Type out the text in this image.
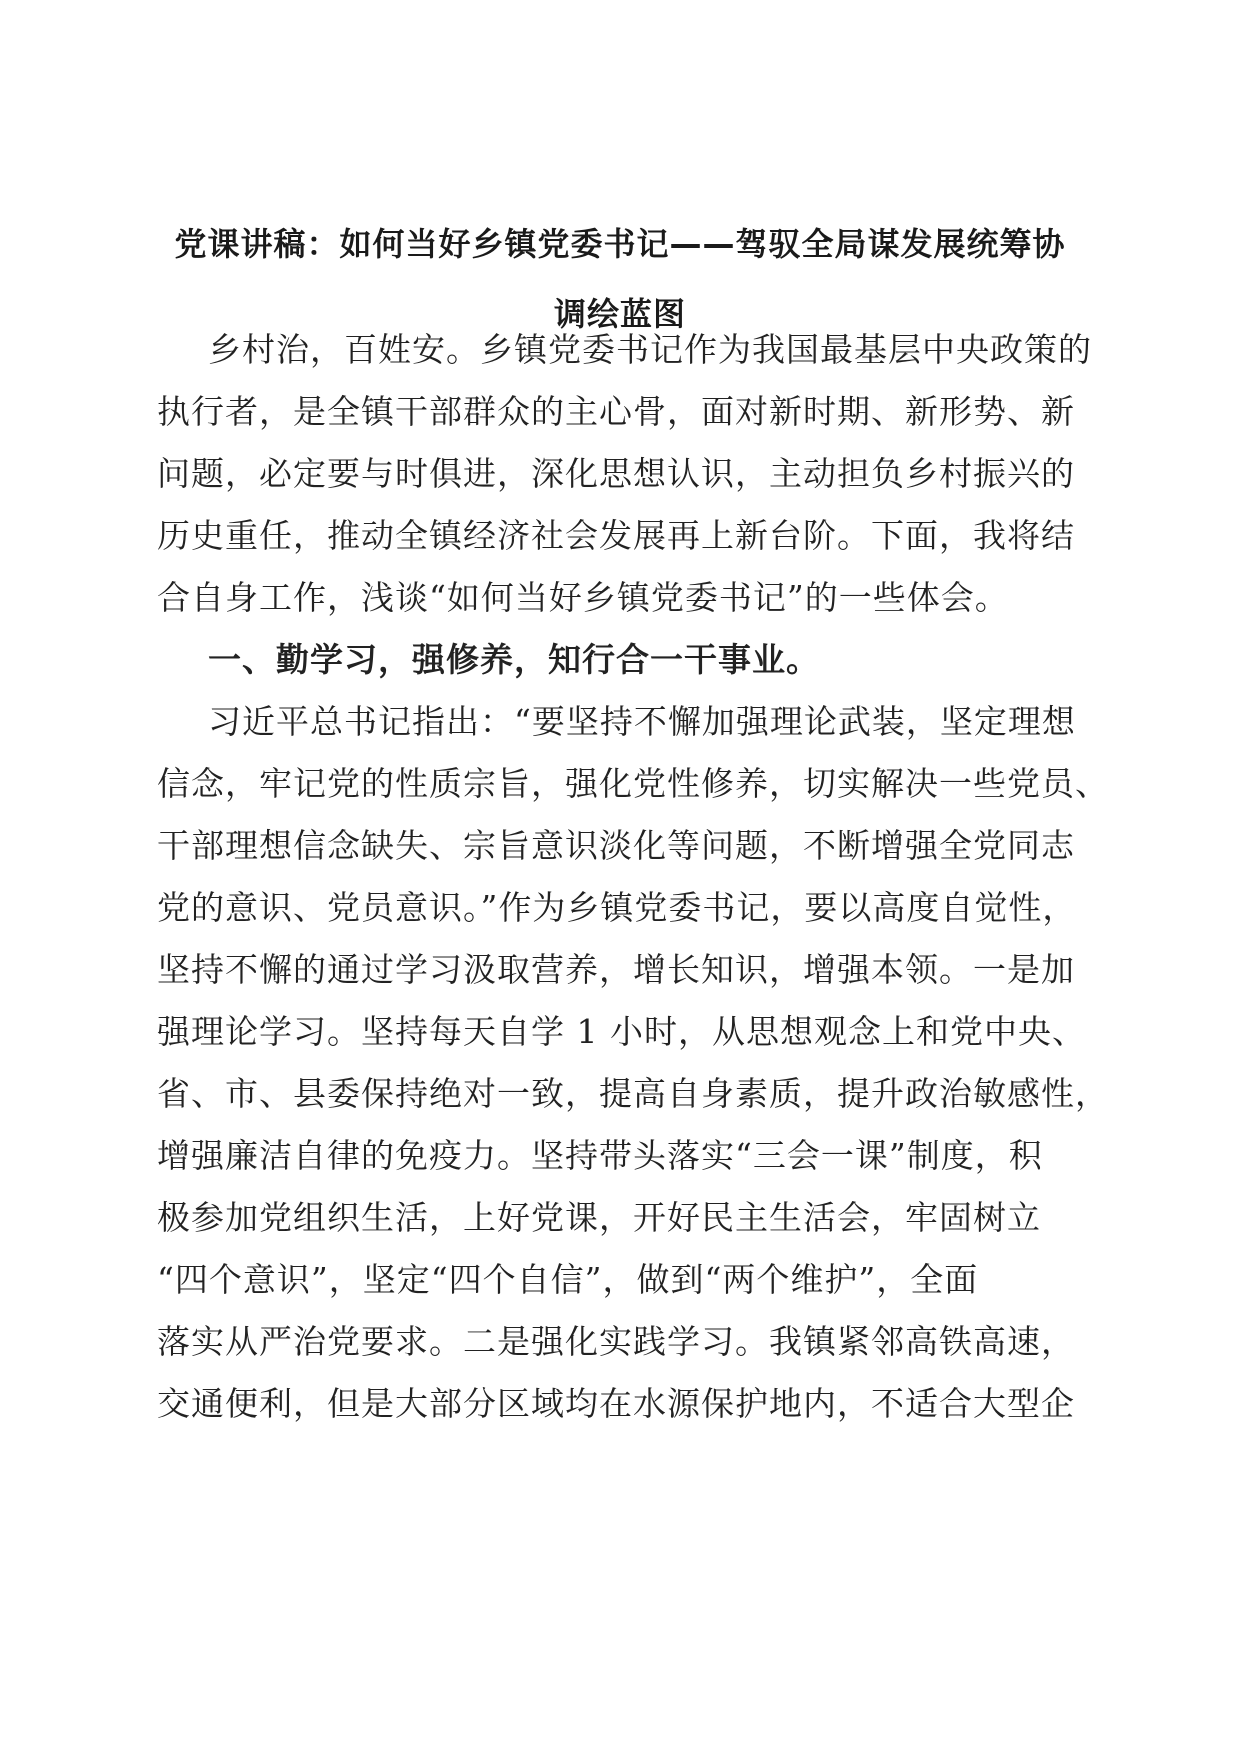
党课讲稿：如何当好乡镇党委书记——驾驭全局谋发展统筹协
调绘蓝图
乡村治，百姓安。乡镇党委书记作为我国最基层中央政策的
执行者，是全镇干部群众的主心骨，面对新时期、新形势、新
问题，必定要与时俱进，深化思想认识，主动担负乡村振兴的
历史重任，推动全镇经济社会发展再上新台阶。下面，我将结
合自身工作，浅谈“如何当好乡镇党委书记”的一些体会。
一、勤学习，强修养，知行合一干事业。
习近平总书记指出：“要坚持不懈加强理论武装，坚定理想
信念，牢记党的性质宗旨，强化党性修养，切实解决一些党员、
干部理想信念缺失、宗旨意识淡化等问题，不断增强全党同志
党的意识、党员意识。”作为乡镇党委书记，要以高度自觉性，
坚持不懈的通过学习汲取营养，增长知识，增强本领。一是加
强理论学习。坚持每天自学 1 小时，从思想观念上和党中央、
省、市、县委保持绝对一致，提高自身素质，提升政治敏感性，
增强廉洁自律的免疫力。坚持带头落实“三会一课”制度，积
极参加党组织生活，上好党课，开好民主生活会，牢固树立
“四个意识”，坚定“四个自信”，做到“两个维护”，全面
落实从严治党要求。二是强化实践学习。我镇紧邻高铁高速，
交通便利，但是大部分区域均在水源保护地内，不适合大型企
